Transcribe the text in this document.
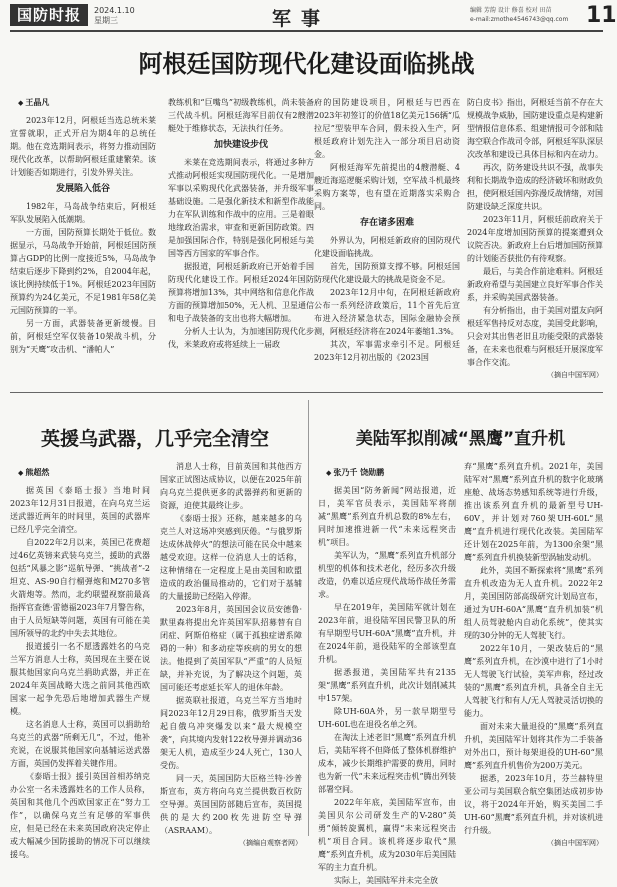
国防时报	2024.1.10
星期三	军事	编辑 芳韵 设计 修喜 校对 田苗
e-mail:zmothe4546743@qq.com 11
阿根廷国防现代化建设面临挑战
◆ 王晶凡

2023年12月，阿根廷当选总统米莱宣誓就职，正式开启为期4年的总统任期。他在竞选期间表示，将努力推动国防现代化改革，以帮助阿根廷重建繁荣。该计划能否如期进行，引发外界关注。

发展陷入低谷

1982年，马岛战争结束后，阿根廷军队发展陷入低潮期。

一方面，国防预算长期处于低位。数据显示，马岛战争开始前，阿根廷国防预算占GDP的比例一度接近5%，马岛战争结束后逐步下降到约2%，自2004年起，该比例持续低于1%。阿根廷2023年国防预算约为24亿美元，不足1981年58亿美元国防预算的一半。

另一方面，武器装备更新缓慢。目前，阿根廷空军仅装备10架战斗机，分别为“天鹰”攻击机、“潘帕人”

教练机和“巨嘴鸟”初级教练机，尚未装备三代战斗机。阿根廷海军目前仅有2艘潜艇处于维修状态，无法执行任务。

加快建设步伐

米莱在竞选期间表示，将通过多种方式推动阿根廷实现国防现代化。一是增加军事以采购现代化武器装备，并升级军事基础设施。二是强化新技术和新型作战能力在军队训练和作战中的应用。三是着眼地缘政治需求，审查和更新国防政策。四是加强国际合作，特别是强化阿根廷与美国等西方国家的军事合作。

据报道，阿根廷新政府已开始着手国防现代化建设工作。阿根廷2024年国防预算将增加13%，其中网络和信息化作战方面的预算增加50%，无人机、卫星通信和电子战装备的支出也将大幅增加。

分析人士认为，为加速国防现代化步伐，米莱政府或将延续上一届政

府的国防建设项目，阿根廷与巴西在2023年初签订的价值18亿美元156辆“瓜拉尼”型装甲车合同，假未投入生产，阿根廷政府计划先注入一部分项目启动资金。

阿根廷海军先前提出的4艘潜艇、4艘近海巡逻艇采购计划，空军战斗机最终采购方案等，也有望在近期落实采购合同。

存在诸多困难

外界认为，阿根廷新政府的国防现代化建设面临挑战。

首先，国防预算支撑不够。阿根廷国防现代化建设最大的挑战是资金不足。

2023年12月中旬，在阿根廷新政府公布一系列经济政策后，11个首先后宣布进入经济紧急状态，国际金融协会预测，阿根廷经济将在2024年萎缩1.3%。

其次，军事需求牵引不足。阿根廷2023年12月初出版的《2023国

防白皮书》指出，阿根廷当前不存在大规模战争威胁，国防建设重点是构建新型情报信息体系、组建情报可令部和陆海空联合作战司令部，阿根廷军队深层次改革和建设已具体目标和内在动力。

再次，防务建设共识不强，战事失利和长期战争造成的经济破坏和财政负担，使阿根廷国内弥漫反战情绪，对国防建设缺乏深度共识。

2023年11月，阿根廷前政府关于2024年度增加国防预算的提案遭到众议院否决。新政府上台后增加国防预算的计划能否获批仍有待观察。

最后，与美合作前途难料。阿根廷新政府希望与美国建立良好军事合作关系，并采购美国武器装备。

有分析指出，由于美国对盟友向阿根廷军售持反对态度，美国受此影响，只会对其出售老旧且功能受限的武器装备，在未来也很难与阿根廷开展深度军事合作交流。

（摘自中国军网）

英援乌武器，几乎完全清空
◆ 熊超然

据英国《泰晤士报》当地时间2023年12月31日报道，在向乌克兰运送武器近两年的时间里，英国的武器库已经几乎完全清空。

自2022年2月以来，英国已花费超过46亿英镑来武装乌克兰，援助的武器包括“风暴之影”巡航导弹、“挑战者”-2坦克、AS-90自行榴弹炮和M270多管火箭炮等。然而，北约联盟视察前最高指挥官查德·雷德福2023年7月警告称，由于人员短缺等问题，英国有可能在美国所领导的北约中失去其地位。

报道援引一名不愿透露姓名的乌克兰军方消息人士称，英国现在主要在说服其他国家向乌克兰捐助武器，并正在2024年英国战略大选之前同其他西欧国家一起争先恐后地增加武器生产规模。

这名消息人士称，英国可以捐助给乌克兰的武器“所剩无几”，不过，他补充说，在说服其他国家向基辅运送武器方面，英国仍发挥着关键作用。

《泰晤士报》援引英国首相苏纳克办公室一名未透露姓名的工作人员称，英国和其他几个西欧国家正在“努力工作”，以确保乌克兰有足够的军事供应，但是已经在未来英国政府决定停止或大幅减少国防援助的情况下可以继续援乌。

消息人士称，目前英国和其他西方国家正试图达成协议，以便在2025年前向乌克兰提供更多的武器弹药和更新的资源，迫使其最终让步。

《泰晤士报》还称，越来越多的乌克兰人对这场冲突感到厌倦。“与俄罗斯达成休战停火”的想法可能在民众中越来越受欢迎。这样一位消息人士的话称，这种情绪在一定程度上是由美国和欧盟造成的政治僵局推动的，它们对于基辅的大量援助已经陷入停滞。

2023年8月，英国国会议员安德鲁·默里森将提出允许英国军队招募替有自闭症、阿斯伯格症（属于孤独症谱系障碍的一种）和多动症等疾病的男女的想法。他提到了英国军队“严重”的人员短缺，并补充说，为了解决这个问题，英国可能还考虑延长军人的退休年龄。

据英联社报道，乌克兰军方当地时间2023年12月29日称，俄罗斯当天发起自俄乌冲突爆发以来“最大规模空袭”，向其境内发射122枚导弹并调动36架无人机，造成至少24人死亡，130人受伤。

同一天，英国国防大臣格兰特·沙普斯宣布，英方将向乌克兰提供数百枚防空导弹。英国国防部随后宣布，英国提供的是大约200枚先进防空导弹（ASRAAM）。

（摘编自观察者网）

美陆军拟削减“黑鹰”直升机
◆ 张乃千 饶勋鹏

据美国“防务新闻”网站报道，近日，美军官员表示，美国陆军将削减“黑鹰”系列直升机总数的8%左右，同时加速推进新一代“未来远程突击机”项目。

美军认为，“黑鹰”系列直升机部分机型的机体和技术老化，经历多次升级改造，仍难以适应现代战场作战任务需求。

早在2019年，美国陆军就计划在2023年前，退役陆军国民警卫队的所有早期型号UH-60A“黑鹰”直升机，并在2024年前，退役陆军的全部该型直升机。

据悉报道，美国陆军共有2135架“黑鹰”系列直升机，此次计划削减其中157架。

除UH-60A外，另一款早期型号UH-60L也在退役名单之列。

在淘汰上述老旧“黑鹰”系列直升机后，美陆军将不但降低了整体机群维护成本，减少长期维护需要的费用，同时也为新一代“未来远程突击机”腾出列装部署空间。

2022年年底，美国陆军宣布，由美国贝尔公司研发生产的V-280“英勇”倾转旋翼机，赢得“未来远程突击机”项目合同。该机将逐步取代“黑鹰”系列直升机，成为2030年后美国陆军的主力直升机。

实际上，美国陆军并未完全放

弃“黑鹰”系列直升机。2021年，美国陆军对“黑鹰”系列直升机的数字化玻璃座舱、战场态势感知系统等进行升级，推出该系列直升机的最新型号UH-60V，并计划对760架UH-60L“黑鹰”直升机进行现代化改装。美国陆军还计划在2025年前，为1300余架“黑鹰”系列直升机换装新型涡轴发动机。

此外，美国不断探索将“黑鹰”系列直升机改造为无人直升机。2022年2月，美国国防部高级研究计划局宣布，通过为UH-60A“黑鹰”直升机加装“机组人员驾驶舱内自动化系统”，使其实现的30分钟的无人驾驶飞行。

2022年10月，一架改装后的“黑鹰”系列直升机，在沙漠中进行了1小时无人驾驶飞行试验，美军声称，经过改装的“黑鹰”系列直升机，具备全自主无人驾驶飞行和有人/无人驾驶灵活切换的能力。

面对未来大量退役的“黑鹰”系列直升机，美国陆军计划将其作为二手装备对外出口，预计每架退役的UH-60“黑鹰”系列直升机售价为200万美元。

据悉，2023年10月，芬兰赫特里亚公司与美国联合航空集团达成初步协议，将于2024年开始，购买美国二手UH-60“黑鹰”系列直升机，并对该机进行升级。

（摘自中国军网）
